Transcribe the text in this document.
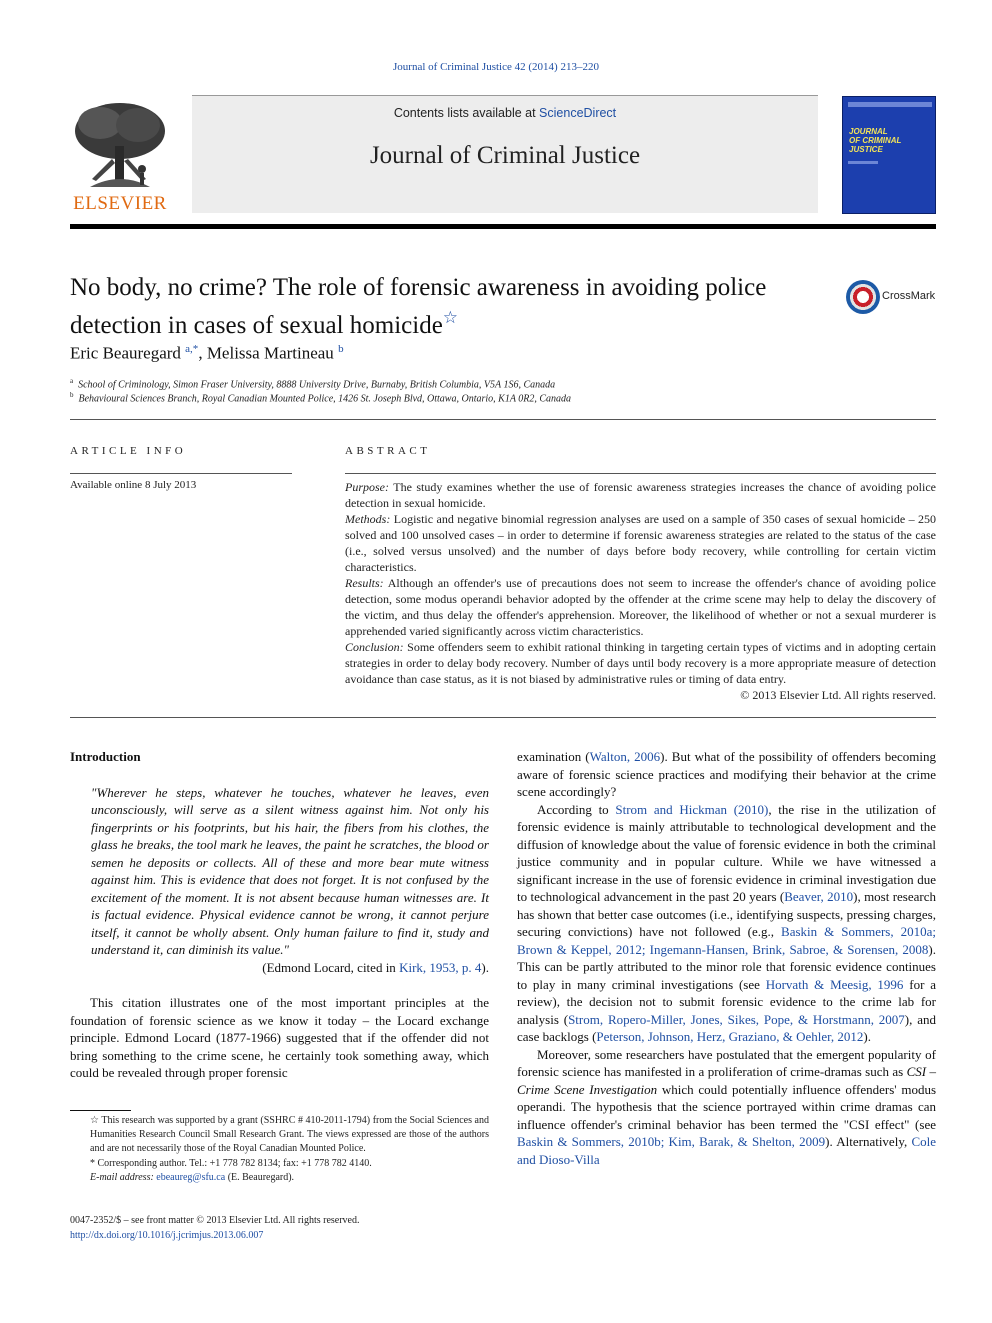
Journal of Criminal Justice 42 (2014) 213–220
ELSEVIER
Contents lists available at ScienceDirect
Journal of Criminal Justice
JOURNAL
OF CRIMINAL
JUSTICE
No body, no crime? The role of forensic awareness in avoiding police detection in cases of sexual homicide☆
CrossMark
Eric Beauregard $^{a,*}$, Melissa Martineau $^b$
$^a$ School of Criminology, Simon Fraser University, 8888 University Drive, Burnaby, British Columbia, V5A 1S6, Canada
$^b$ Behavioural Sciences Branch, Royal Canadian Mounted Police, 1426 St. Joseph Blvd, Ottawa, Ontario, K1A 0R2, Canada
ARTICLE INFO	ABSTRACT
Available online 8 July 2013	Purpose: The study examines whether the use of forensic awareness strategies increases the chance of avoiding police detection in sexual homicide.

Methods: Logistic and negative binomial regression analyses are used on a sample of 350 cases of sexual homicide – 250 solved and 100 unsolved cases – in order to determine if forensic awareness strategies are related to the status of the case (i.e., solved versus unsolved) and the number of days before body recovery, while controlling for certain victim characteristics.

Results: Although an offender's use of precautions does not seem to increase the offender's chance of avoiding police detection, some modus operandi behavior adopted by the offender at the crime scene may help to delay the discovery of the victim, and thus delay the offender's apprehension. Moreover, the likelihood of whether or not a sexual murderer is apprehended varied significantly across victim characteristics.

Conclusion: Some offenders seem to exhibit rational thinking in targeting certain types of victims and in adopting certain strategies in order to delay body recovery. Number of days until body recovery is a more appropriate measure of detection avoidance than case status, as it is not biased by administrative rules or timing of data entry.

© 2013 Elsevier Ltd. All rights reserved.

Introduction

"Wherever he steps, whatever he touches, whatever he leaves, even unconsciously, will serve as a silent witness against him. Not only his fingerprints or his footprints, but his hair, the fibers from his clothes, the glass he breaks, the tool mark he leaves, the paint he scratches, the blood or semen he deposits or collects. All of these and more bear mute witness against him. This is evidence that does not forget. It is not confused by the excitement of the moment. It is not absent because human witnesses are. It is factual evidence. Physical evidence cannot be wrong, it cannot perjure itself, it cannot be wholly absent. Only human failure to find it, study and understand it, can diminish its value."

(Edmond Locard, cited in Kirk, 1953, p. 4).

This citation illustrates one of the most important principles at the foundation of forensic science as we know it today – the Locard exchange principle. Edmond Locard (1877-1966) suggested that if the offender did not bring something to the crime scene, he certainly took something away, which could be revealed through proper forensic

examination (Walton, 2006). But what of the possibility of offenders becoming aware of forensic science practices and modifying their behavior at the crime scene accordingly?

According to Strom and Hickman (2010), the rise in the utilization of forensic evidence is mainly attributable to technological development and the diffusion of knowledge about the value of forensic evidence in both the criminal justice community and in popular culture. While we have witnessed a significant increase in the use of forensic evidence in criminal investigation due to technological advancement in the past 20 years (Beaver, 2010), most research has shown that better case outcomes (i.e., identifying suspects, pressing charges, securing convictions) have not followed (e.g., Baskin & Sommers, 2010a; Brown & Keppel, 2012; Ingemann-Hansen, Brink, Sabroe, & Sorensen, 2008). This can be partly attributed to the minor role that forensic evidence continues to play in many criminal investigations (see Horvath & Meesig, 1996 for a review), the decision not to submit forensic evidence to the crime lab for analysis (Strom, Ropero-Miller, Jones, Sikes, Pope, & Horstmann, 2007), and case backlogs (Peterson, Johnson, Herz, Graziano, & Oehler, 2012).

Moreover, some researchers have postulated that the emergent popularity of forensic science has manifested in a proliferation of crime-dramas such as CSI – Crime Scene Investigation which could potentially influence offenders' modus operandi. The hypothesis that the science portrayed within crime dramas can influence offender's criminal behavior has been termed the "CSI effect" (see Baskin & Sommers, 2010b; Kim, Barak, & Shelton, 2009). Alternatively, Cole and Dioso-Villa

☆ This research was supported by a grant (SSHRC # 410-2011-1794) from the Social Sciences and Humanities Research Council Small Research Grant. The views expressed are those of the authors and are not necessarily those of the Royal Canadian Mounted Police.

* Corresponding author. Tel.: +1 778 782 8134; fax: +1 778 782 4140.

E-mail address: ebeaureg@sfu.ca (E. Beauregard).

0047-2352/$ – see front matter © 2013 Elsevier Ltd. All rights reserved.
http://dx.doi.org/10.1016/j.jcrimjus.2013.06.007
